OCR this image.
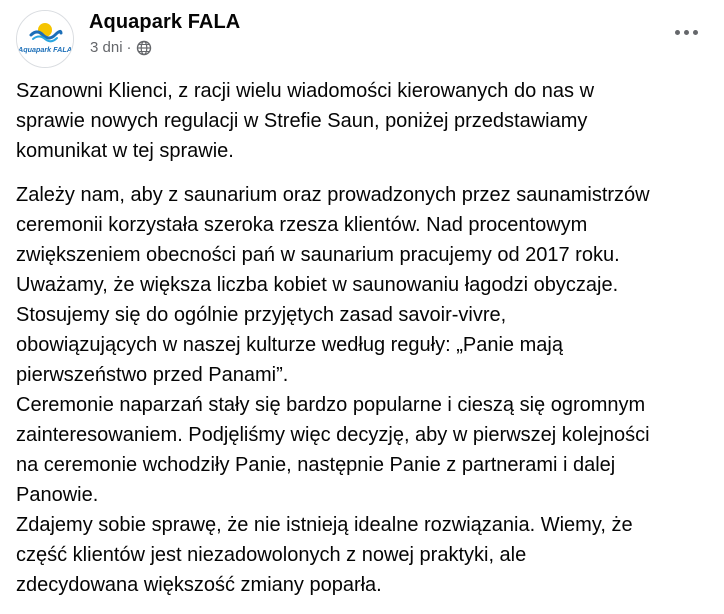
Aquapark FALA
Aquapark FALA
3 dni ·

Szanowni Klienci, z racji wielu wiadomości kierowanych do nas w
sprawie nowych regulacji w Strefie Saun, poniżej przedstawiamy
komunikat w tej sprawie.

Zależy nam, aby z saunarium oraz prowadzonych przez saunamistrzów
ceremonii korzystała szeroka rzesza klientów. Nad procentowym
zwiększeniem obecności pań w saunarium pracujemy od 2017 roku.
Uważamy, że większa liczba kobiet w saunowaniu łagodzi obyczaje.
Stosujemy się do ogólnie przyjętych zasad savoir-vivre,
obowiązujących w naszej kulturze według reguły: „Panie mają
pierwszeństwo przed Panami”.
Ceremonie naparzań stały się bardzo popularne i cieszą się ogromnym
zainteresowaniem. Podjęliśmy więc decyzję, aby w pierwszej kolejności
na ceremonie wchodziły Panie, następnie Panie z partnerami i dalej
Panowie.
Zdajemy sobie sprawę, że nie istnieją idealne rozwiązania. Wiemy, że
część klientów jest niezadowolonych z nowej praktyki, ale
zdecydowana większość zmiany poparła.
